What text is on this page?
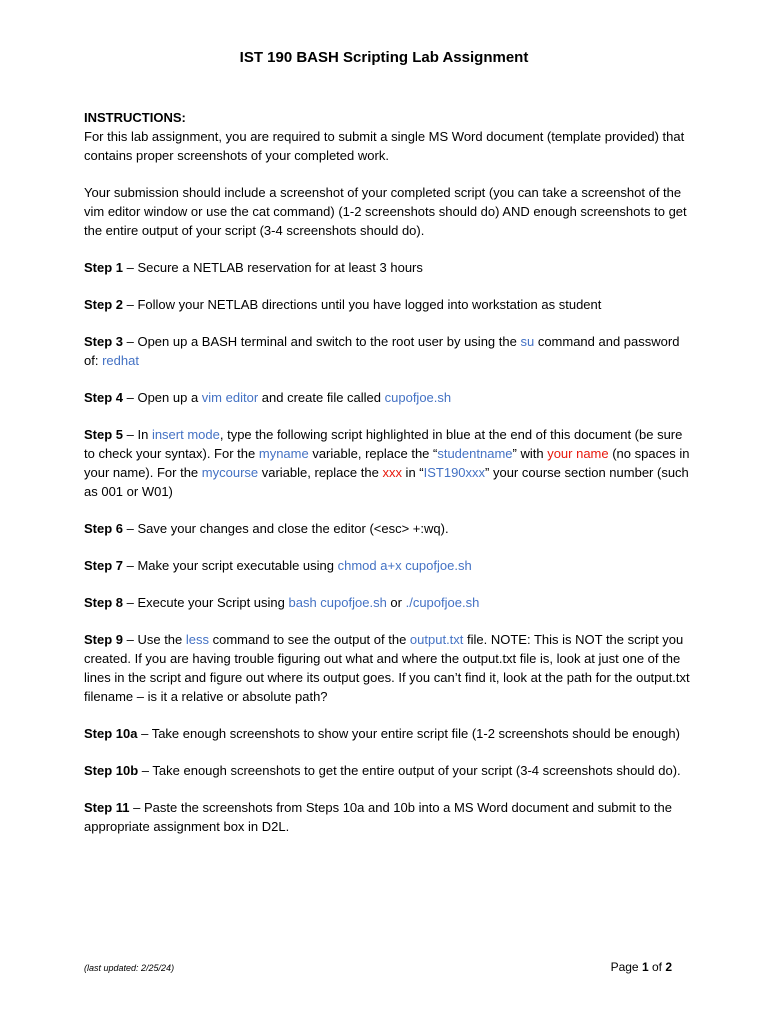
IST 190 BASH Scripting Lab Assignment

INSTRUCTIONS:

For this lab assignment, you are required to submit a single MS Word document (template provided) that contains proper screenshots of your completed work.

Your submission should include a screenshot of your completed script (you can take a screenshot of the vim editor window or use the cat command) (1-2 screenshots should do) AND enough screenshots to get the entire output of your script (3-4 screenshots should do).

Step 1 – Secure a NETLAB reservation for at least 3 hours

Step 2 – Follow your NETLAB directions until you have logged into workstation as student

Step 3 – Open up a BASH terminal and switch to the root user by using the su command and password of: redhat

Step 4 – Open up a vim editor and create file called cupofjoe.sh

Step 5 – In insert mode, type the following script highlighted in blue at the end of this document (be sure to check your syntax). For the myname variable, replace the “studentname” with your name (no spaces in your name). For the mycourse variable, replace the xxx in “IST190xxx” your course section number (such as 001 or W01)

Step 6 – Save your changes and close the editor (<esc> +:wq).

Step 7 – Make your script executable using chmod a+x cupofjoe.sh

Step 8 – Execute your Script using bash cupofjoe.sh or ./cupofjoe.sh

Step 9 – Use the less command to see the output of the output.txt file. NOTE: This is NOT the script you created. If you are having trouble figuring out what and where the output.txt file is, look at just one of the lines in the script and figure out where its output goes. If you can’t find it, look at the path for the output.txt filename – is it a relative or absolute path?

Step 10a – Take enough screenshots to show your entire script file (1-2 screenshots should be enough)

Step 10b – Take enough screenshots to get the entire output of your script (3-4 screenshots should do).

Step 11 – Paste the screenshots from Steps 10a and 10b into a MS Word document and submit to the appropriate assignment box in D2L.

(last updated: 2/25/24)	Page 1 of 2
